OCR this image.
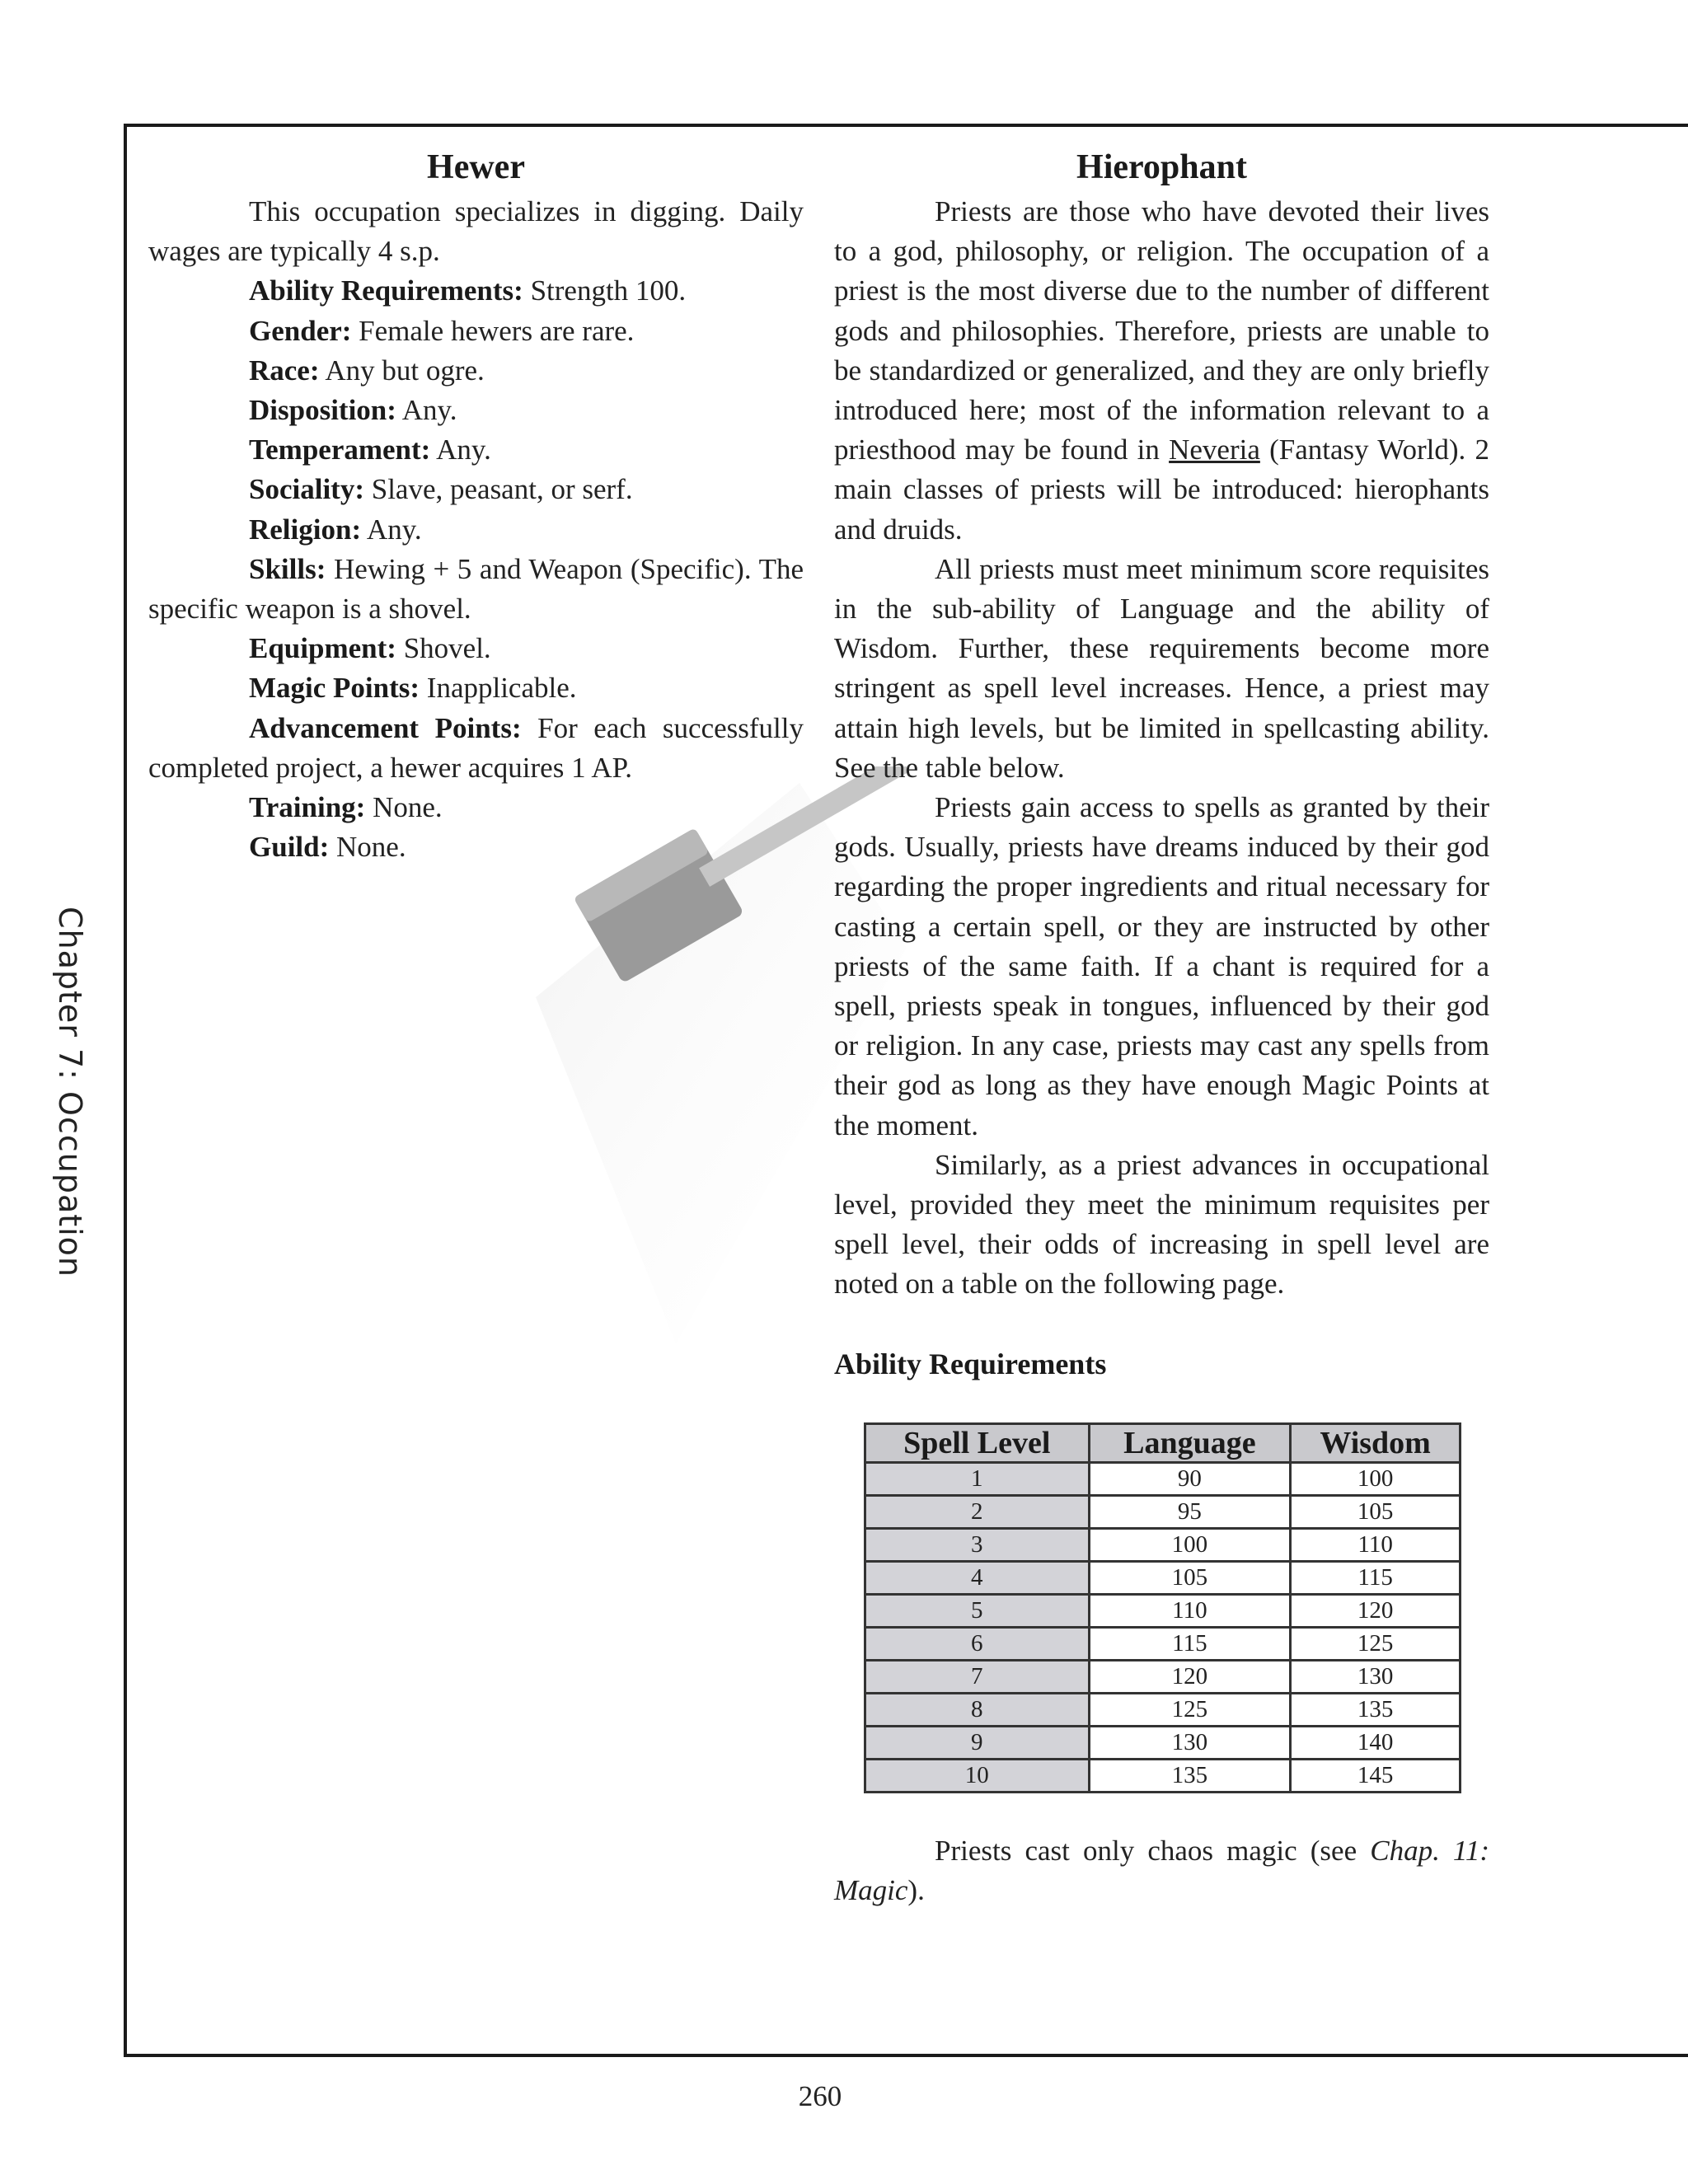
Chapter 7: Occupation
Hewer

This occupation specializes in digging. Daily wages are typically 4 s.p.

Ability Requirements: Strength 100.

Gender: Female hewers are rare.

Race: Any but ogre.

Disposition: Any.

Temperament: Any.

Sociality: Slave, peasant, or serf.

Religion: Any.

Skills: Hewing + 5 and Weapon (Specific). The specific weapon is a shovel.

Equipment: Shovel.

Magic Points: Inapplicable.

Advancement Points: For each successfully completed project, a hewer acquires 1 AP.

Training: None.

Guild: None.

Hierophant

Priests are those who have devoted their lives to a god, philosophy, or religion. The occupation of a priest is the most diverse due to the number of different gods and philosophies. Therefore, priests are unable to be standardized or generalized, and they are only briefly introduced here; most of the information relevant to a priesthood may be found in Neveria (Fantasy World). 2 main classes of priests will be introduced: hierophants and druids.

All priests must meet minimum score requisites in the sub-ability of Language and the ability of Wisdom. Further, these requirements become more stringent as spell level increases. Hence, a priest may attain high levels, but be limited in spellcasting ability. See the table below.

Priests gain access to spells as granted by their gods. Usually, priests have dreams induced by their god regarding the proper ingredients and ritual necessary for casting a certain spell, or they are instructed by other priests of the same faith. If a chant is required for a spell, priests speak in tongues, influenced by their god or religion. In any case, priests may cast any spells from their god as long as they have enough Magic Points at the moment.

Similarly, as a priest advances in occupational level, provided they meet the minimum requisites per spell level, their odds of increasing in spell level are noted on a table on the following page.

Ability Requirements

Spell Level	Language	Wisdom
1	90	100
2	95	105
3	100	110
4	105	115
5	110	120
6	115	125
7	120	130
8	125	135
9	130	140
10	135	145

Priests cast only chaos magic (see Chap. 11: Magic).

260
